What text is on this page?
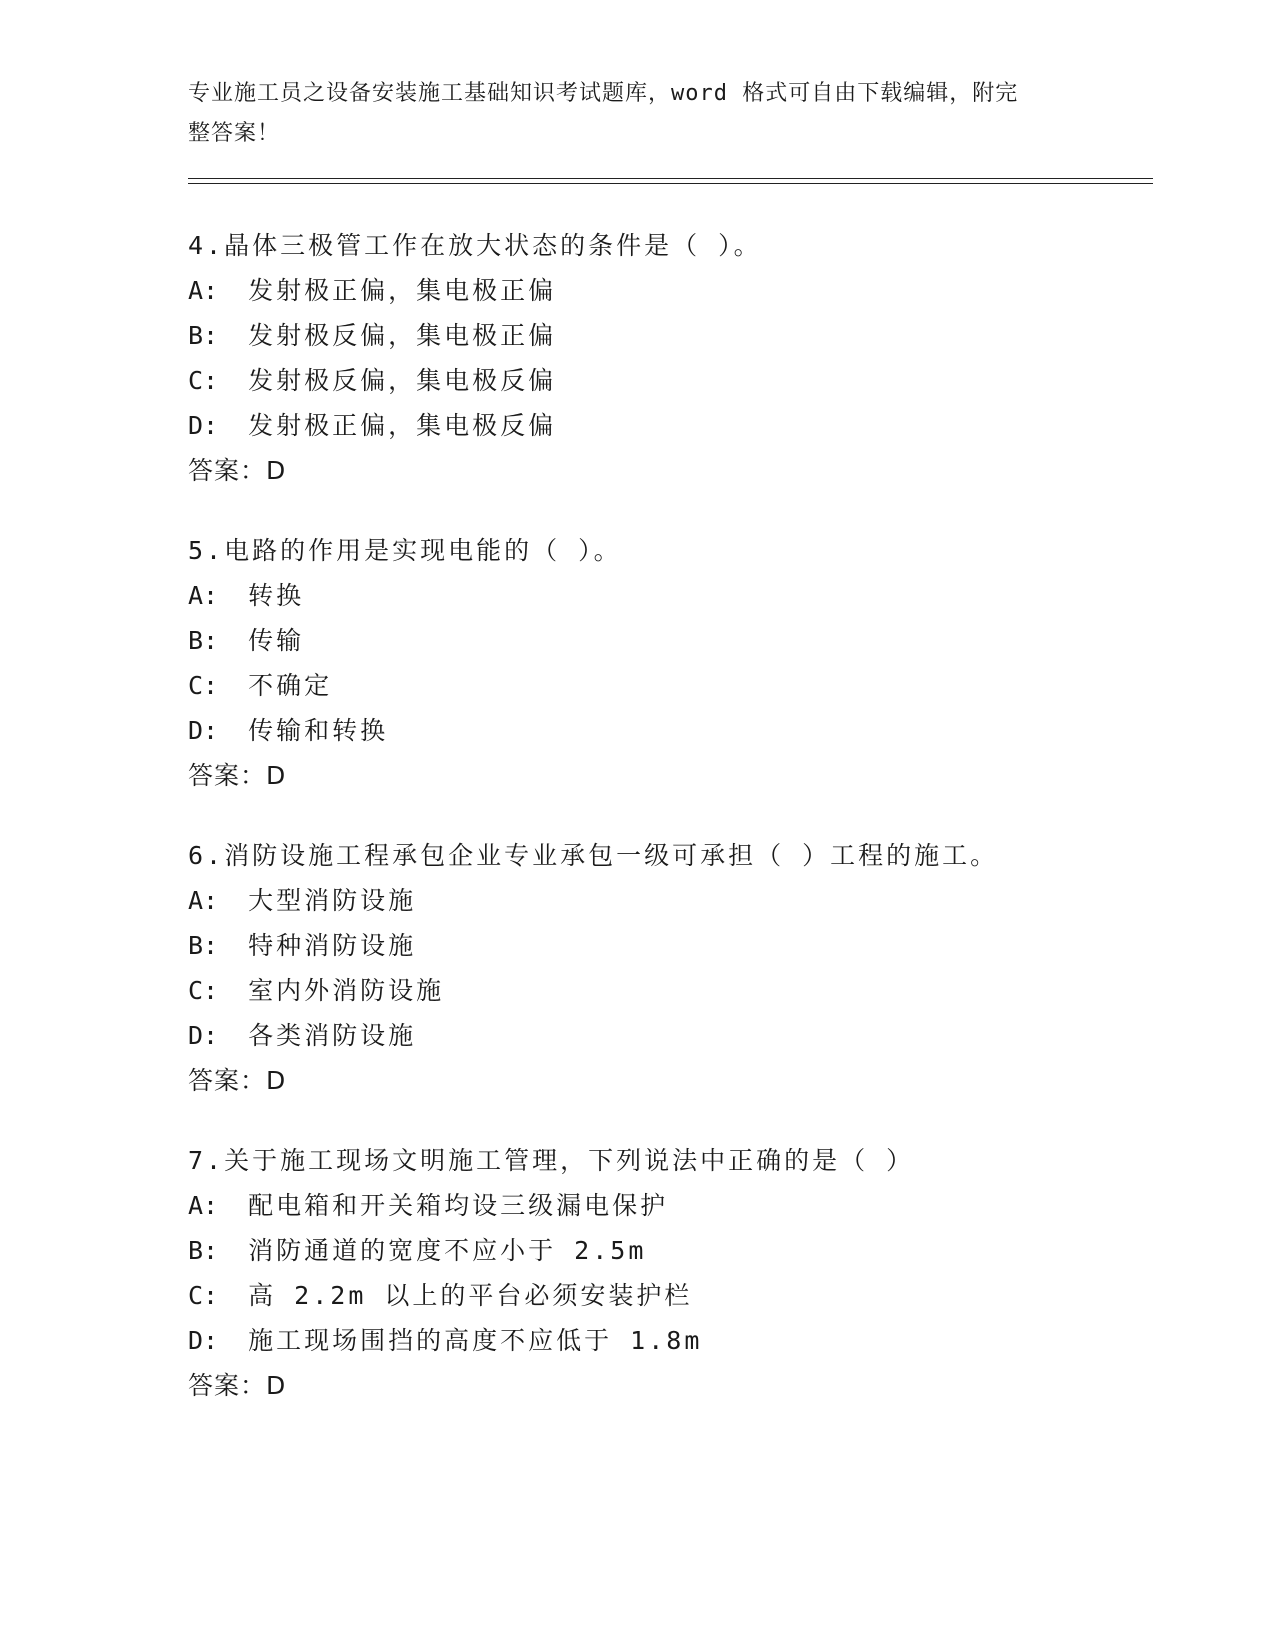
专业施工员之设备安装施工基础知识考试题库，word 格式可自由下载编辑，附完
整答案！
4.晶体三极管工作在放大状态的条件是（ ）。
A: 发射极正偏，集电极正偏
B: 发射极反偏，集电极正偏
C: 发射极反偏，集电极反偏
D: 发射极正偏，集电极反偏
答案：D
5.电路的作用是实现电能的（ ）。
A: 转换
B: 传输
C: 不确定
D: 传输和转换
答案：D
6.消防设施工程承包企业专业承包一级可承担（ ）工程的施工。
A: 大型消防设施
B: 特种消防设施
C: 室内外消防设施
D: 各类消防设施
答案：D
7.关于施工现场文明施工管理，下列说法中正确的是（ ）
A: 配电箱和开关箱均设三级漏电保护
B: 消防通道的宽度不应小于 2.5m
C: 高 2.2m 以上的平台必须安装护栏
D: 施工现场围挡的高度不应低于 1.8m
答案：D
